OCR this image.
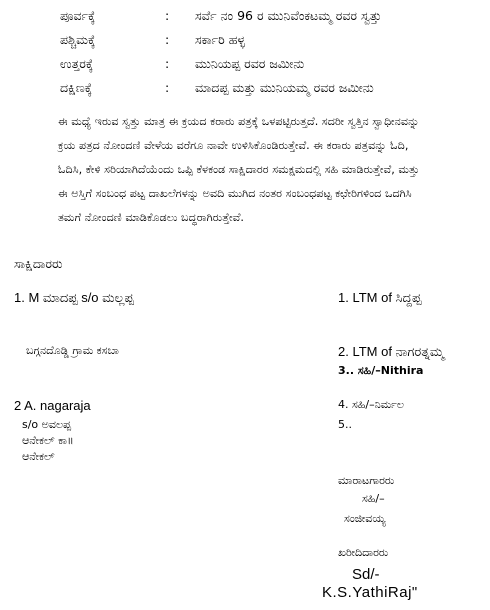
ಪೂರ್ವಕ್ಕೆ	: ಸರ್ವೆ ನಂ 96 ರ ಮುನಿವೆಂಕಟಮ್ಮ ರವರ ಸ್ವತ್ತು
ಪಶ್ಚಿಮಕ್ಕೆ	: ಸರ್ಕಾರಿ ಹಳ್ಳ
ಉತ್ತರಕ್ಕೆ	: ಮುನಿಯಪ್ಪ ರವರ ಜಮೀನು
ದಕ್ಷಿಣಕ್ಕೆ	: ಮಾದಪ್ಪ ಮತ್ತು ಮುನಿಯಮ್ಮ ರವರ ಜಮೀನು
ಈ ಮಧ್ಯೆ ಇರುವ ಸ್ವತ್ತು ಮಾತ್ರ ಈ ಕ್ರಯದ ಕರಾರು ಪತ್ರಕ್ಕೆ ಒಳಪಟ್ಟಿರುತ್ತದೆ. ಸದರೀ ಸ್ವತ್ತಿನ ಸ್ವಾಧೀನವನ್ನು
ಕ್ರಯ ಪತ್ರದ ನೋಂದಣಿ ವೇಳೆಯ ವರೆಗೂ ನಾವೇ ಉಳಿಸಿಕೊಂಡಿರುತ್ತೇವೆ. ಈ ಕರಾರು ಪತ್ರವನ್ನು ಓದಿ,
ಓದಿಸಿ, ಕೇಳಿ ಸರಿಯಾಗಿದೆಯೆಂದು ಒಪ್ಪಿ ಕೆಳಕಂಡ ಸಾಕ್ಷಿದಾರರ ಸಮಕ್ಷಮದಲ್ಲಿ ಸಹಿ ಮಾಡಿರುತ್ತೇವೆ, ಮತ್ತು
ಈ ಅಸ್ತಿಗೆ ಸಂಬಂಧ ಪಟ್ಟ ದಾಖಲೆಗಳನ್ನು ಅವದಿ ಮುಗಿದ ನಂತರ ಸಂಬಂಧಪಟ್ಟ ಕಛೇರಿಗಳಿಂದ ಒದಗಿಸಿ
ತಮಗೆ ನೋಂದಣಿ ಮಾಡಿಕೊಡಲು ಬದ್ಧರಾಗಿರುತ್ತೇವೆ.
ಸಾಕ್ಷಿದಾರರು
1. M ಮಾದಪ್ಪ s/o ಮಲ್ಲಪ್ಪ
ಬಗ್ಗನದೊಡ್ಡಿ ಗ್ರಾಮ ಕಸಬಾ
2 A. nagaraja
s/o ಅವಲಪ್ಪ
ಆನೇಕಲ್ ಕಾ॥
ಆನೇಕಲ್
1. LTM of ಸಿದ್ದಪ್ಪ
2. LTM of ನಾಗರತ್ನಮ್ಮ
3.. ಸಹಿ/–Nithira
4. ಸಹಿ/–ನಿರ್ಮಲ
5..
ಮಾರಾಟಗಾರರು
ಸಹಿ/–
ಸಂಜೀವಯ್ಯ
ಖರೀದಿದಾರರು
Sd/-
K.S.YathiRaj"
